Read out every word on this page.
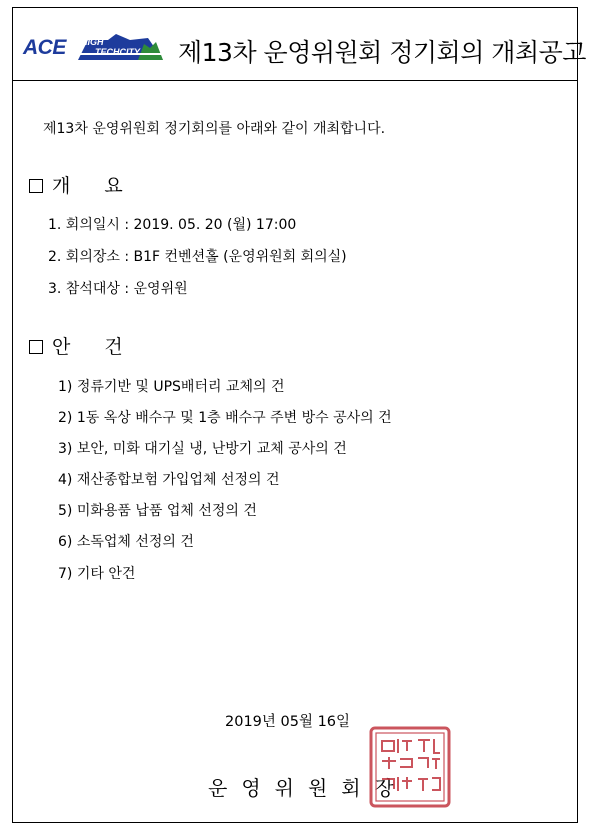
ACE HIGH
TECHCITY 제13차 운영위원회 정기회의 개최공고
제13차 운영위원회 정기회의를 아래와 같이 개최합니다.
개 요
1. 회의일시 : 2019. 05. 20 (월) 17:00
2. 회의장소 : B1F 컨벤션홀 (운영위원회 회의실)
3. 참석대상 : 운영위원
안 건
1) 정류기반 및 UPS배터리 교체의 건
2) 1동 옥상 배수구 및 1층 배수구 주변 방수 공사의 건
3) 보안, 미화 대기실 냉, 난방기 교체 공사의 건
4) 재산종합보험 가입업체 선정의 건
5) 미화용품 납품 업체 선정의 건
6) 소독업체 선정의 건
7) 기타 안건
2019년 05월 16일
운영위원회장
